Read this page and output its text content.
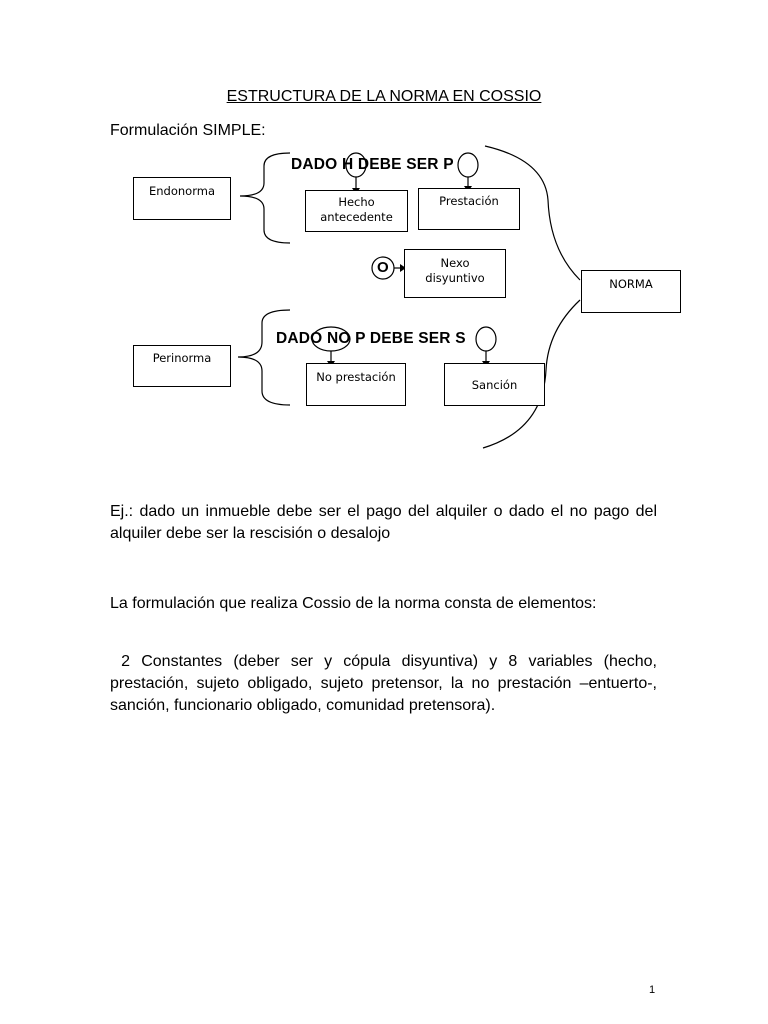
ESTRUCTURA DE LA NORMA EN COSSIO
Formulación SIMPLE:
Endonorma
Perinorma
Hecho
antecedente
Prestación
Nexo
disyuntivo	NORMA
No prestación
Sanción
DADO H DEBE SER P
DADO NO P DEBE SER S
O
Ej.: dado un inmueble debe ser el pago del alquiler o dado el no pago del alquiler debe ser la rescisión o desalojo
La formulación que realiza Cossio de la norma consta de elementos:
2 Constantes (deber ser y cópula disyuntiva) y 8 variables (hecho, prestación, sujeto obligado, sujeto pretensor, la no prestación –entuerto-, sanción, funcionario obligado, comunidad pretensora).
1
